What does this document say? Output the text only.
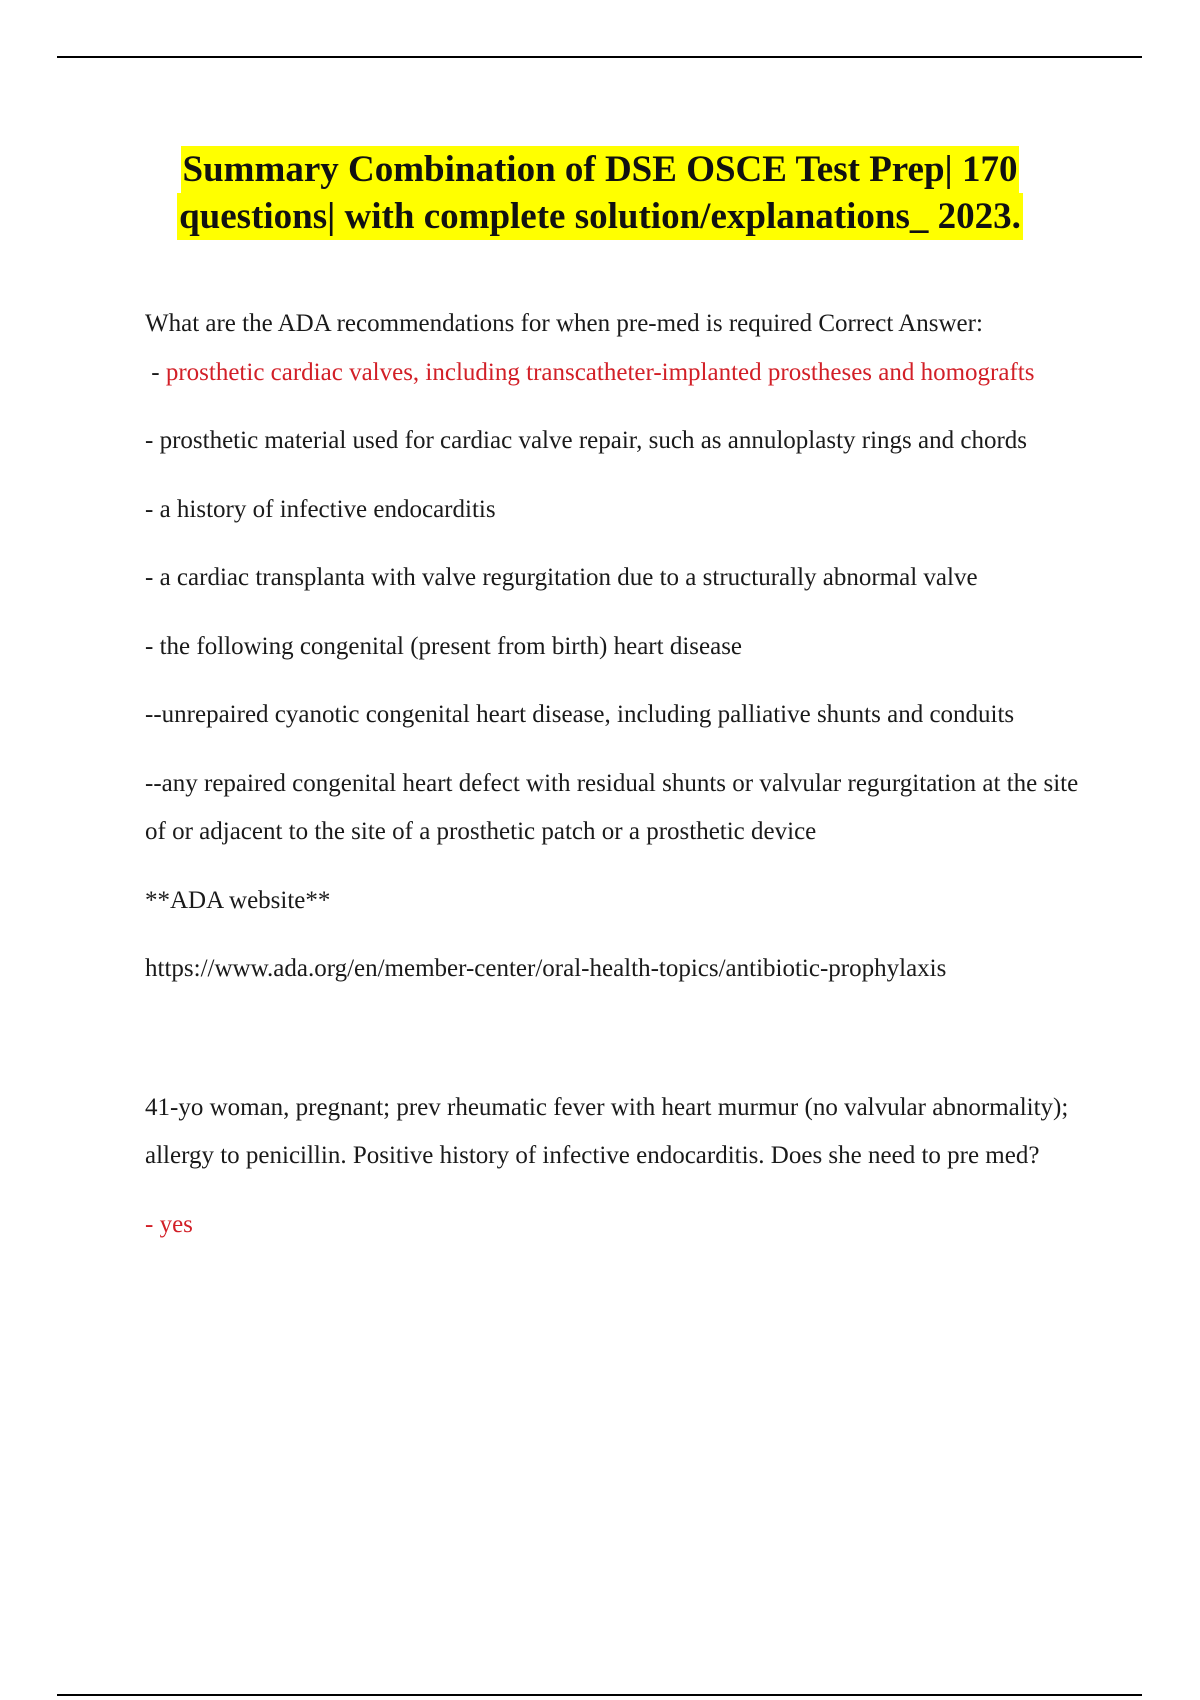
Summary Combination of DSE OSCE Test Prep| 170
questions| with complete solution/explanations_ 2023.

What are the ADA recommendations for when pre-med is required Correct Answer: - prosthetic cardiac valves, including transcatheter-implanted prostheses and homografts

- prosthetic material used for cardiac valve repair, such as annuloplasty rings and chords

- a history of infective endocarditis

- a cardiac transplanta with valve regurgitation due to a structurally abnormal valve

- the following congenital (present from birth) heart disease

--unrepaired cyanotic congenital heart disease, including palliative shunts and conduits

--any repaired congenital heart defect with residual shunts or valvular regurgitation at the site of or adjacent to the site of a prosthetic patch or a prosthetic device

**ADA website**

https://www.ada.org/en/member-center/oral-health-topics/antibiotic-prophylaxis

41-yo woman, pregnant; prev rheumatic fever with heart murmur (no valvular abnormality); allergy to penicillin. Positive history of infective endocarditis. Does she need to pre med?

- yes
